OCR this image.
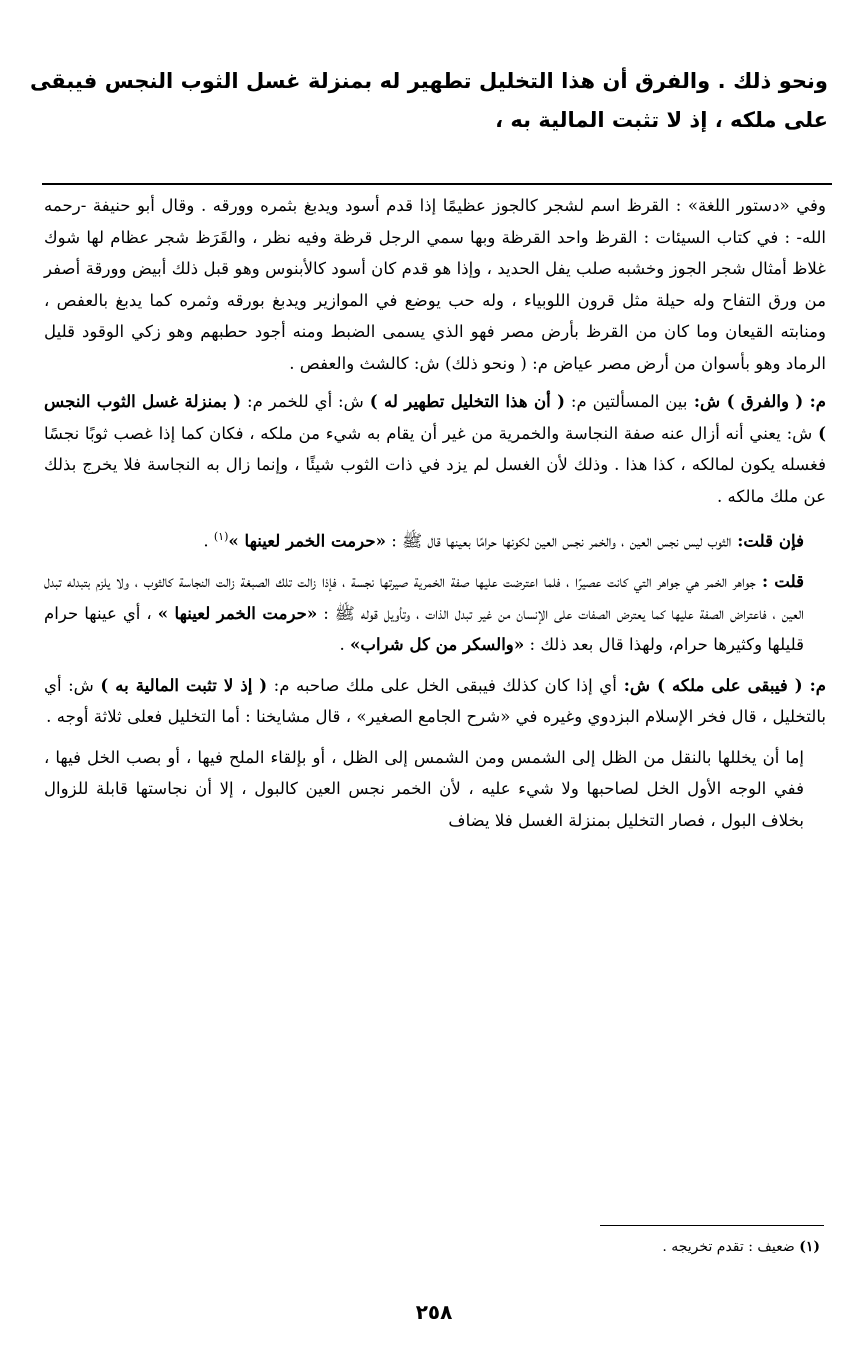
ونحو ذلك . والفرق أن هذا التخليل تطهير له بمنزلة غسل الثوب النجس فيبقى على ملكه ، إذ لا تثبت المالية به ،

وفي «دستور اللغة» : القرظ اسم لشجر كالجوز عظيمًا إذا قدم أسود ويدبغ بثمره وورقه . وقال أبو حنيفة -رحمه الله- : في كتاب السيئات : القرظ واحد القرظة وبها سمي الرجل قرظة وفيه نظر ، والقَرَظ شجر عظام لها شوك غلاظ أمثال شجر الجوز وخشبه صلب يفل الحديد ، وإذا هو قدم كان أسود كالأبنوس وهو قبل ذلك أبيض وورقة أصفر من ورق التفاح وله حيلة مثل قرون اللوبياء ، وله حب يوضع في الموازير ويدبغ بورقه وثمره كما يدبغ بالعفص ، ومنابته القيعان وما كان من القرظ بأرض مصر فهو الذي يسمى الضبط ومنه أجود حطبهم وهو زكي الوقود قليل الرماد وهو بأسوان من أرض مصر عياض م: ( ونحو ذلك) ش: كالشث والعفص .

م: ( والفرق ) ش: بين المسألتين م: ( أن هذا التخليل تطهير له ) ش: أي للخمر م: ( بمنزلة غسل الثوب النجس ) ش: يعني أنه أزال عنه صفة النجاسة والخمرية من غير أن يقام به شيء من ملكه ، فكان كما إذا غصب ثوبًا نجسًا فغسله يكون لمالكه ، كذا هذا . وذلك لأن الغسل لم يزد في ذات الثوب شيئًا ، وإنما زال به النجاسة فلا يخرج بذلك عن ملك مالكه .

فإن قلت: الثوب ليس نجس العين ، والخمر نجس العين لكونها حرامًا بعينها قال ﷺ : «حرمت الخمر لعينها »$^{(١)}$ .

قلت : جواهر الخمر هي جواهر التي كانت عصيرًا ، فلما اعترضت عليها صفة الخمرية صيرتها نجسة ، فإذا زالت تلك الصبغة زالت النجاسة كالثوب ، ولا يلزم بتبدله تبدل العين ، فاعتراض الصفة عليها كما يعترض الصفات على الإنسان من غير تبدل الذات ، وتأويل قوله ﷺ : «حرمت الخمر لعينها » ، أي عينها حرام قليلها وكثيرها حرام، ولهذا قال بعد ذلك : «والسكر من كل شراب» .

م: ( فيبقى على ملكه ) ش: أي إذا كان كذلك فيبقى الخل على ملك صاحبه م: ( إذ لا تثبت المالية به ) ش: أي بالتخليل ، قال فخر الإسلام البزدوي وغيره في «شرح الجامع الصغير» ، قال مشايخنا : أما التخليل فعلى ثلاثة أوجه .

إما أن يخللها بالنقل من الظل إلى الشمس ومن الشمس إلى الظل ، أو بإلقاء الملح فيها ، أو بصب الخل فيها ، ففي الوجه الأول الخل لصاحبها ولا شيء عليه ، لأن الخمر نجس العين كالبول ، إلا أن نجاستها قابلة للزوال بخلاف البول ، فصار التخليل بمنزلة الغسل فلا يضاف

(١) ضعيف : تقدم تخريجه .
٢٥٨
